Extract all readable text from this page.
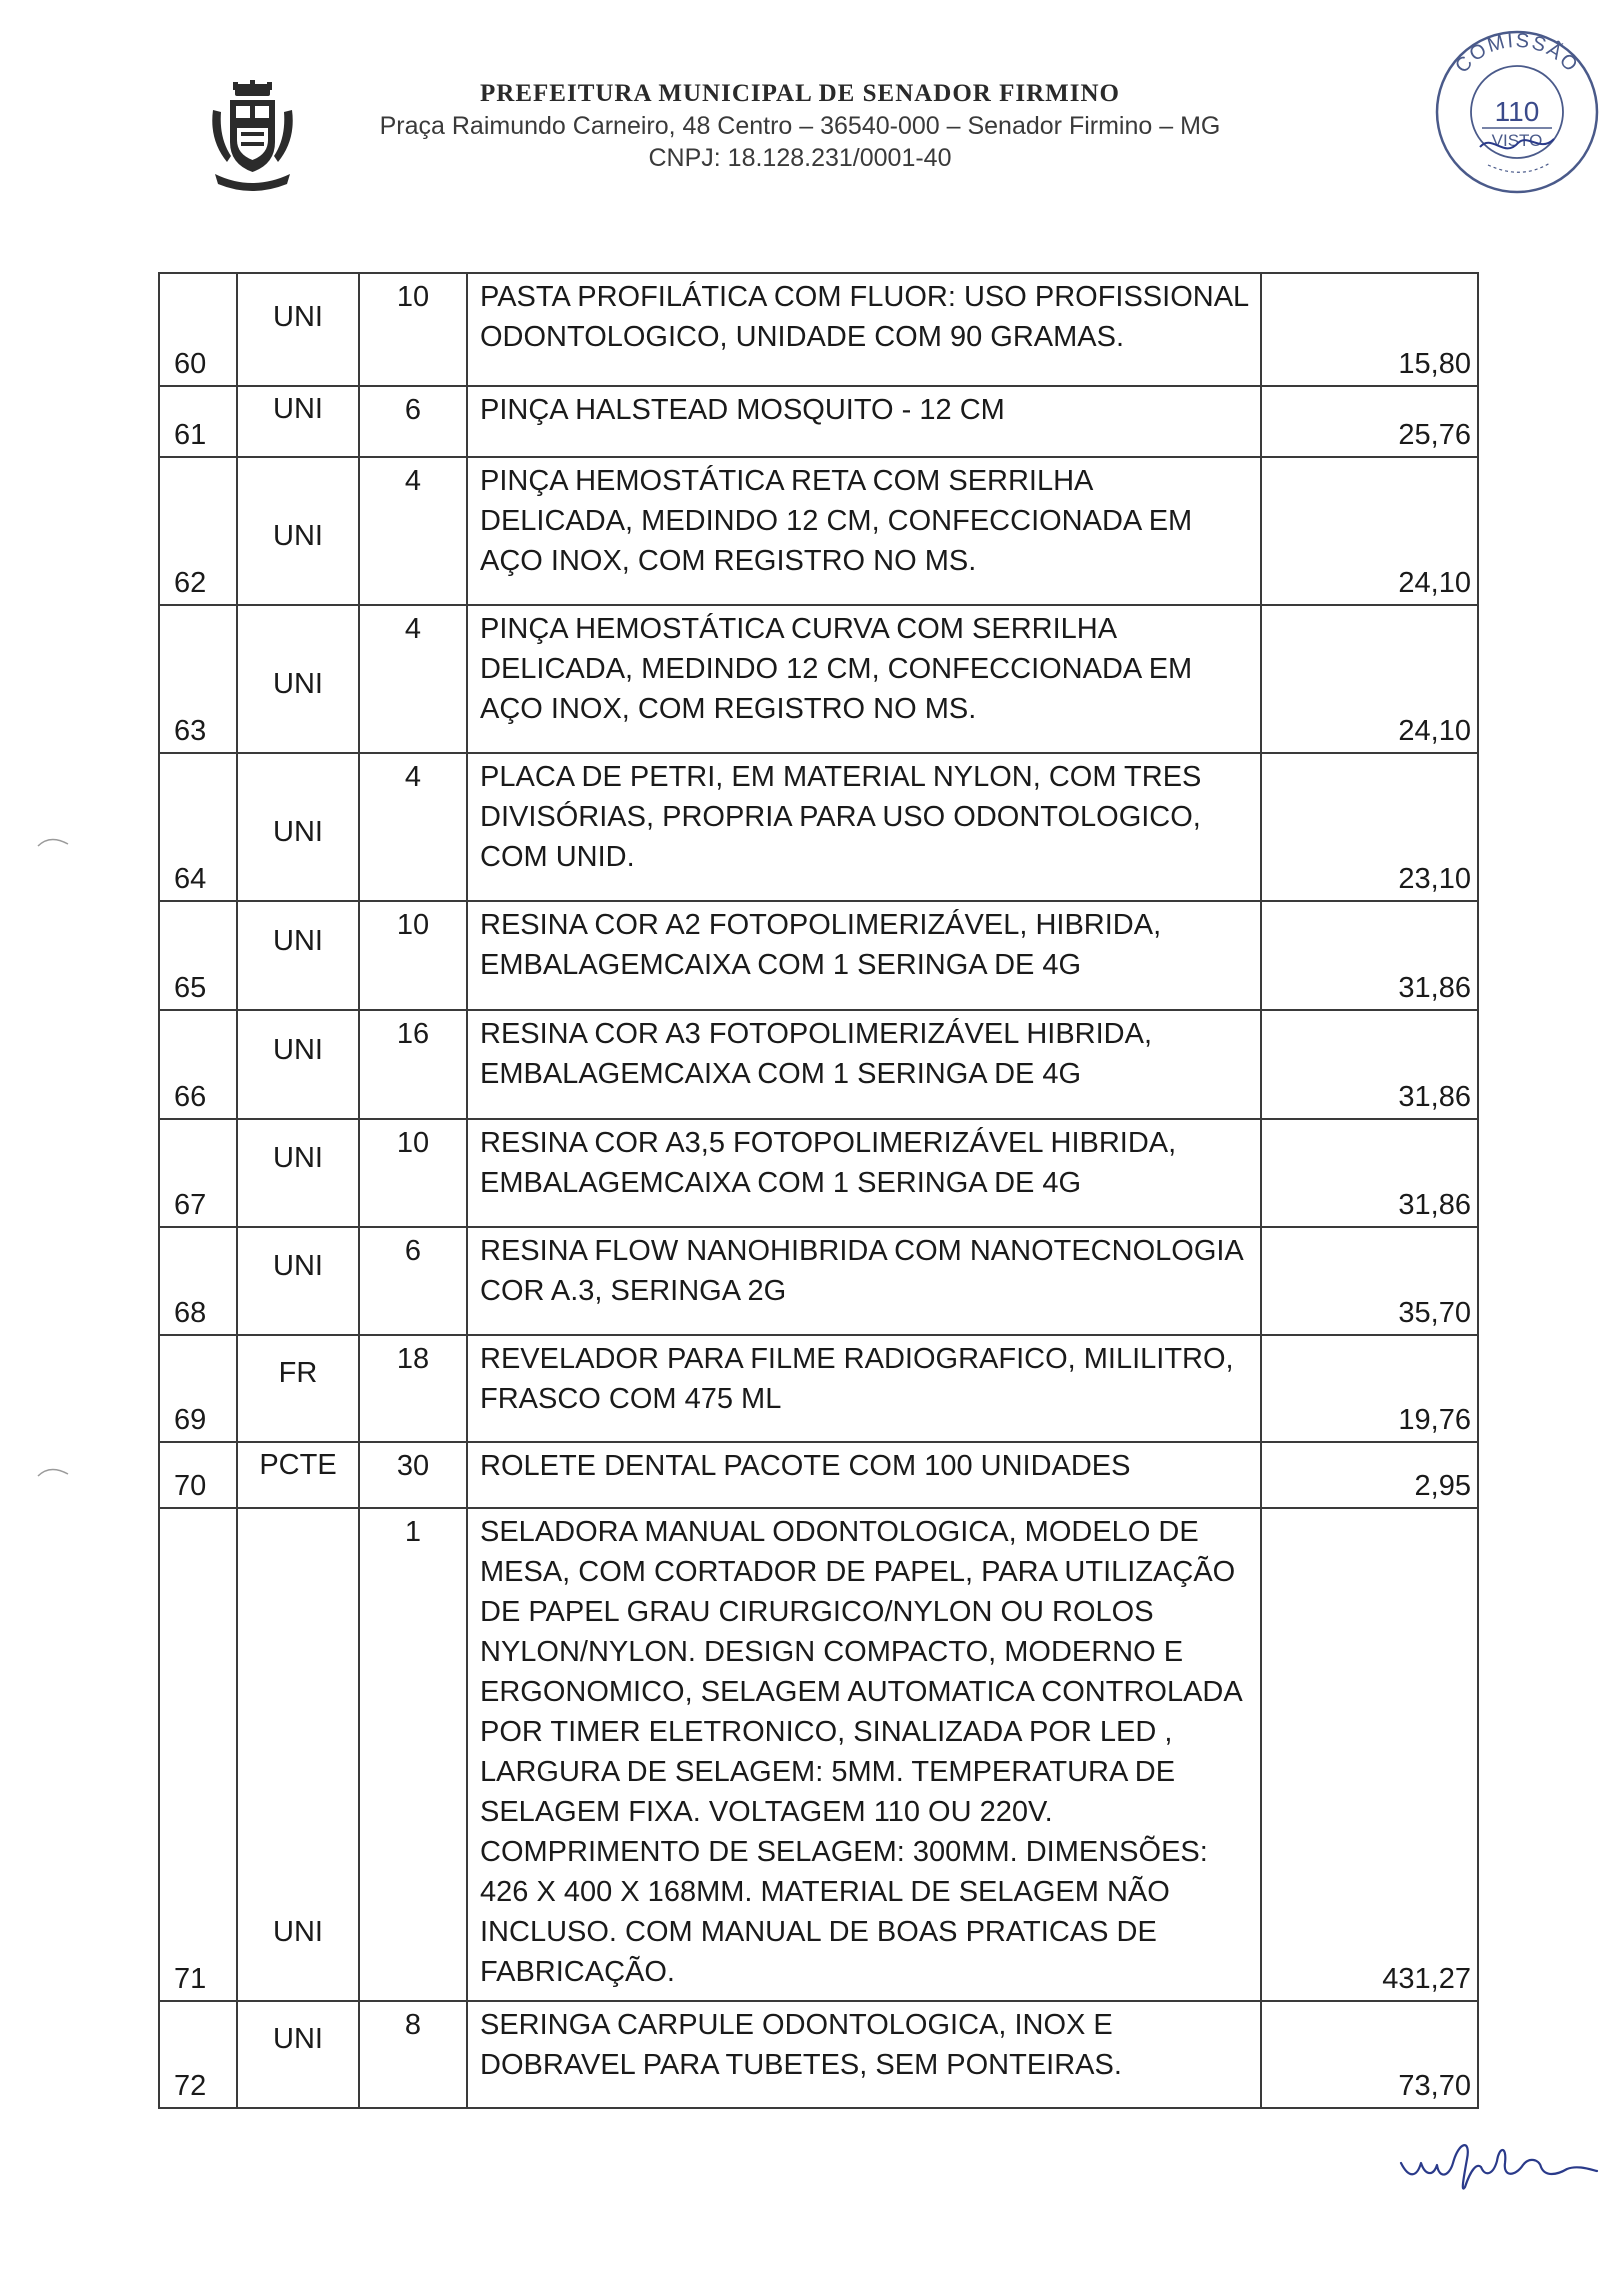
PREFEITURA MUNICIPAL DE SENADOR FIRMINO
Praça Raimundo Carneiro, 48 Centro – 36540-000 – Senador Firmino – MG
CNPJ: 18.128.231/0001-40
COMISSÃO
110
VISTO
60	UNI	10	PASTA PROFILÁTICA COM FLUOR: USO PROFISSIONAL ODONTOLOGICO, UNIDADE COM 90 GRAMAS.	15,80

61	UNI	6	PINÇA HALSTEAD MOSQUITO - 12 CM	25,76

62	UNI	4	PINÇA HEMOSTÁTICA RETA COM SERRILHA DELICADA, MEDINDO 12 CM, CONFECCIONADA EM AÇO INOX, COM REGISTRO NO MS.	24,10

63	UNI	4	PINÇA HEMOSTÁTICA CURVA COM SERRILHA DELICADA, MEDINDO 12 CM, CONFECCIONADA EM AÇO INOX, COM REGISTRO NO MS.	24,10

64	UNI	4	PLACA DE PETRI, EM MATERIAL NYLON, COM TRES DIVISÓRIAS, PROPRIA PARA USO ODONTOLOGICO, COM UNID.	23,10

65	UNI	10	RESINA COR A2 FOTOPOLIMERIZÁVEL, HIBRIDA, EMBALAGEMCAIXA COM 1 SERINGA DE 4G	31,86

66	UNI	16	RESINA COR A3 FOTOPOLIMERIZÁVEL HIBRIDA, EMBALAGEMCAIXA COM 1 SERINGA DE 4G	31,86

67	UNI	10	RESINA COR A3,5 FOTOPOLIMERIZÁVEL HIBRIDA, EMBALAGEMCAIXA COM 1 SERINGA DE 4G	31,86

68	UNI	6	RESINA FLOW NANOHIBRIDA COM NANOTECNOLOGIA COR A.3, SERINGA 2G	35,70

69	FR	18	REVELADOR PARA FILME RADIOGRAFICO, MILILITRO, FRASCO COM 475 ML	19,76

70	PCTE	30	ROLETE DENTAL PACOTE COM 100 UNIDADES	2,95

71	UNI	1	SELADORA MANUAL ODONTOLOGICA, MODELO DE MESA, COM CORTADOR DE PAPEL, PARA UTILIZAÇÃO DE PAPEL GRAU CIRURGICO/NYLON OU ROLOS NYLON/NYLON. DESIGN COMPACTO, MODERNO E ERGONOMICO, SELAGEM AUTOMATICA CONTROLADA POR TIMER ELETRONICO, SINALIZADA POR LED , LARGURA DE SELAGEM: 5MM. TEMPERATURA DE SELAGEM FIXA. VOLTAGEM 110 OU 220V. COMPRIMENTO DE SELAGEM: 300MM. DIMENSÕES: 426 X 400 X 168MM. MATERIAL DE SELAGEM NÃO INCLUSO. COM MANUAL DE BOAS PRATICAS DE FABRICAÇÃO.	431,27

72	UNI	8	SERINGA CARPULE ODONTOLOGICA, INOX E DOBRAVEL PARA TUBETES, SEM PONTEIRAS.	73,70
